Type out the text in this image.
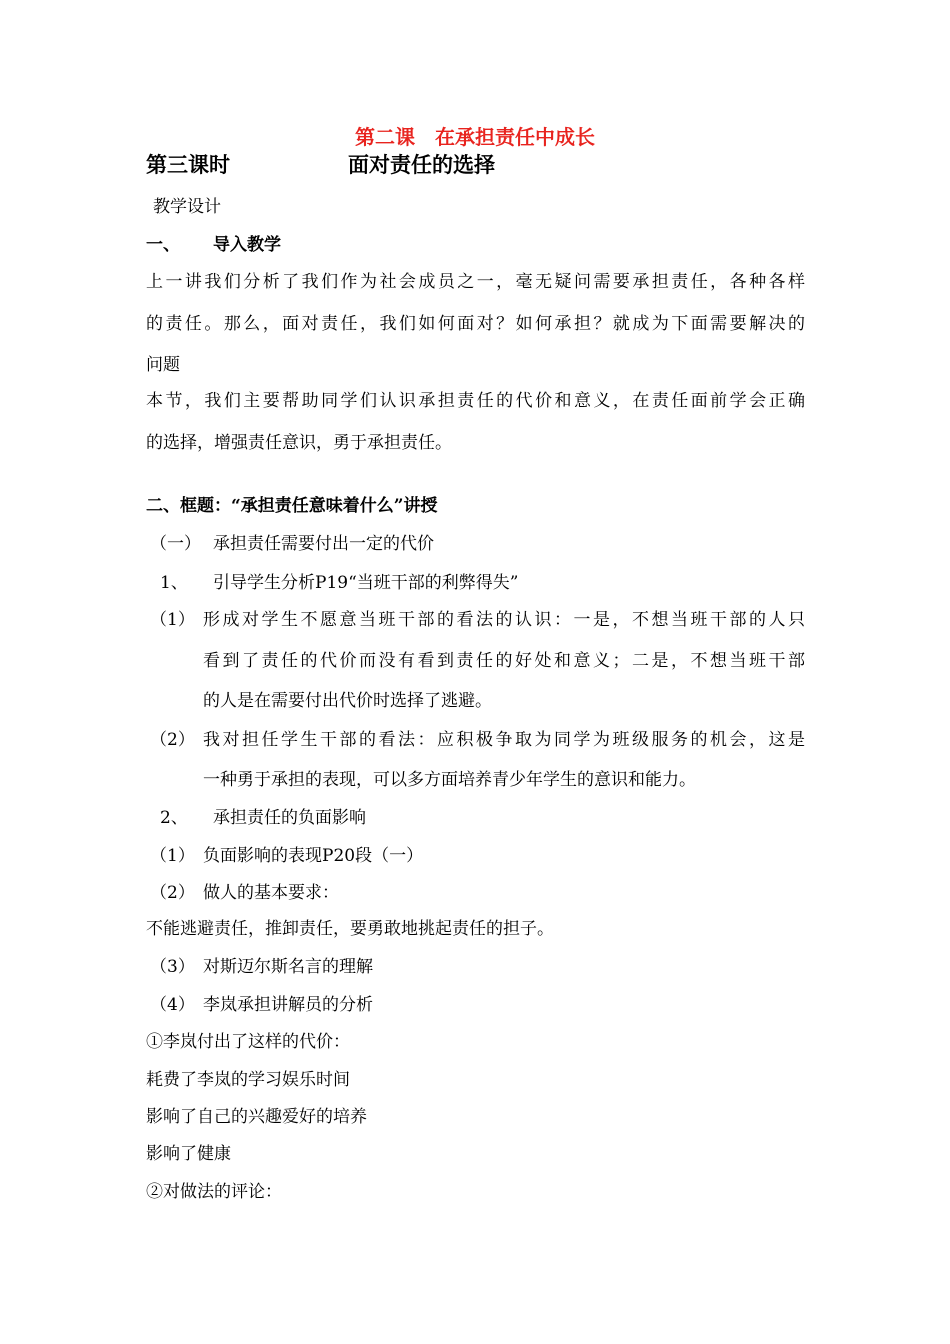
第二课　在承担责任中成长
第三课时	面对责任的选择
教学设计
一、 导入教学
上一讲我们分析了我们作为社会成员之一，毫无疑问需要承担责任，各种各样
的责任。那么，面对责任，我们如何面对？如何承担？就成为下面需要解决的
问题
本节，我们主要帮助同学们认识承担责任的代价和意义，在责任面前学会正确
的选择，增强责任意识，勇于承担责任。
二、框题：“承担责任意味着什么”讲授
（一） 承担责任需要付出一定的代价
1、 引导学生分析P19“当班干部的利弊得失”
（1） 形成对学生不愿意当班干部的看法的认识：一是，不想当班干部的人只
看到了责任的代价而没有看到责任的好处和意义；二是，不想当班干部
的人是在需要付出代价时选择了逃避。
（2） 我对担任学生干部的看法：应积极争取为同学为班级服务的机会，这是
一种勇于承担的表现，可以多方面培养青少年学生的意识和能力。
2、 承担责任的负面影响
（1） 负面影响的表现P20段（一）
（2） 做人的基本要求：
不能逃避责任，推卸责任，要勇敢地挑起责任的担子。
（3） 对斯迈尔斯名言的理解
（4） 李岚承担讲解员的分析
①李岚付出了这样的代价：
耗费了李岚的学习娱乐时间
影响了自己的兴趣爱好的培养
影响了健康
②对做法的评论：
